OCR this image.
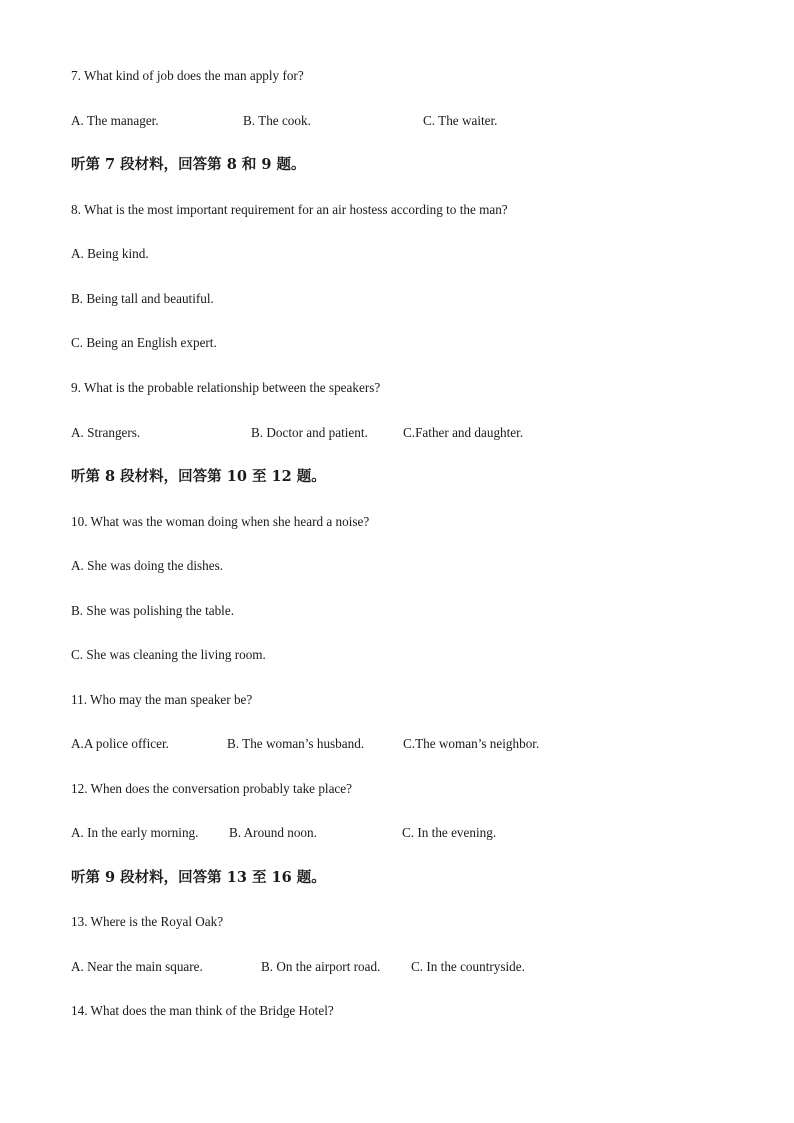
7. What kind of job does the man apply for?
A. The manager.	B. The cook.	C. The waiter.
听第 7 段材料，回答第 8 和 9 题。
8. What is the most important requirement for an air hostess according to the man?
A. Being kind.
B. Being tall and beautiful.
C. Being an English expert.
9. What is the probable relationship between the speakers?
A. Strangers.	B. Doctor and patient.	C.Father and daughter.
听第 8 段材料，回答第 10 至 12 题。
10. What was the woman doing when she heard a noise?
A. She was doing the dishes.
B. She was polishing the table.
C. She was cleaning the living room.
11. Who may the man speaker be?
A.A police officer.	B. The woman’s husband.	C.The woman’s neighbor.
12. When does the conversation probably take place?
A. In the early morning. B. Around noon.	C. In the evening.
听第 9 段材料，回答第 13 至 16 题。
13. Where is the Royal Oak?
A. Near the main square.	B. On the airport road. C. In the countryside.
14. What does the man think of the Bridge Hotel?
